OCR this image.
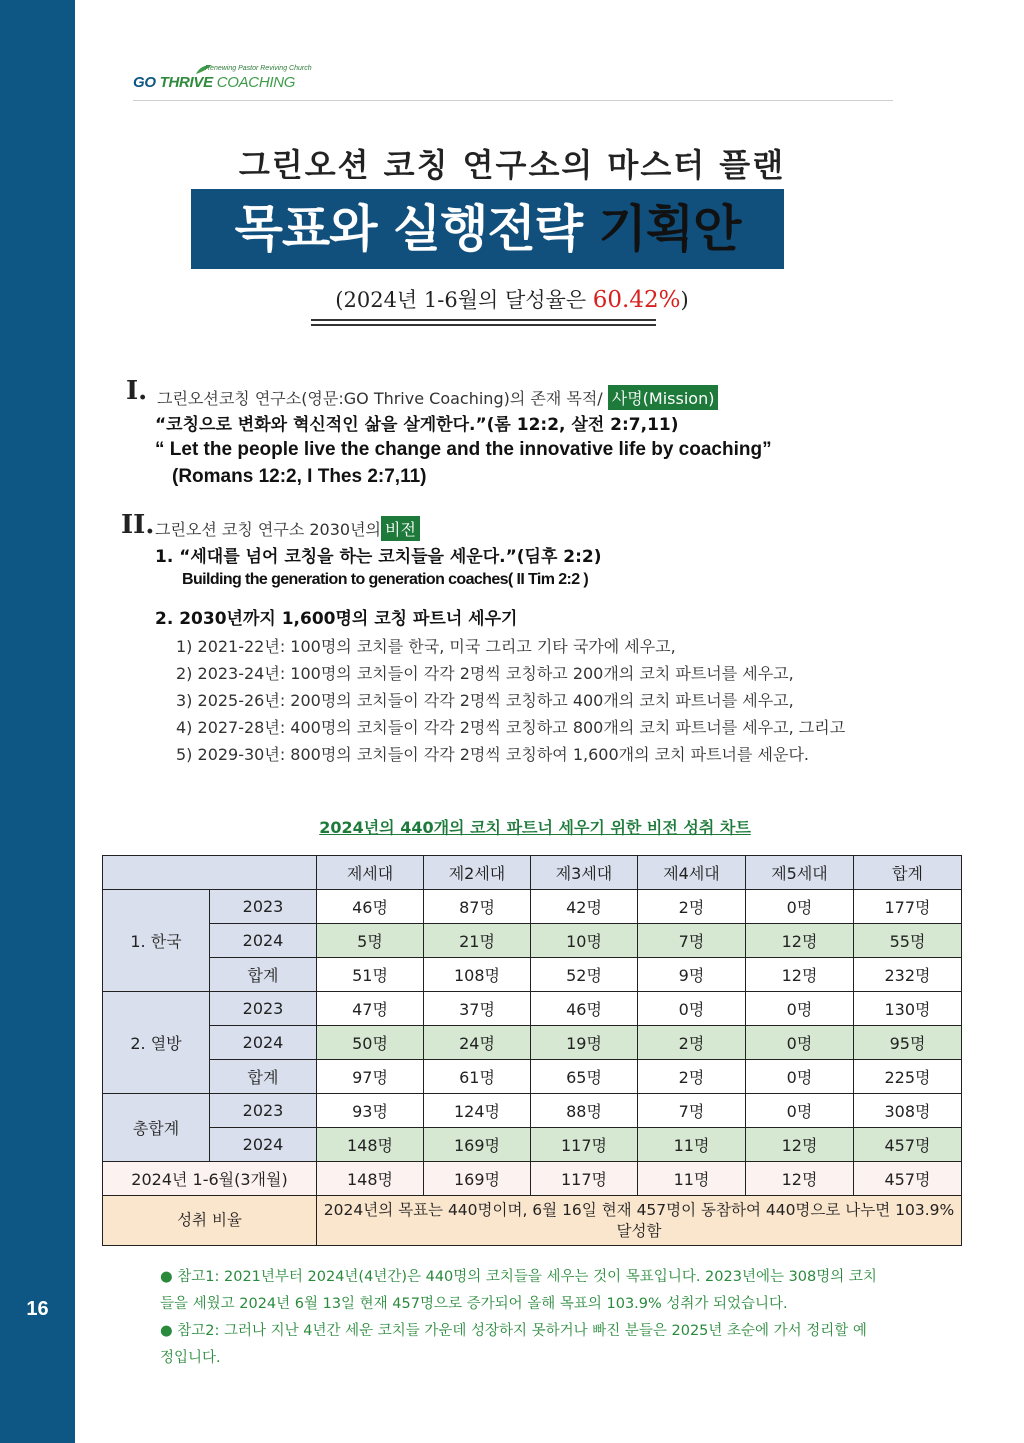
16
Renewing Pastor Reviving Church
GO THRIVE COACHING
그린오션 코칭 연구소의 마스터 플랜
목표와 실행전략 기획안
(2024년 1-6월의 달성율은 60.42%)
I. 그린오션코칭 연구소(영문:GO Thrive Coaching)의 존재 목적/ 사명(Mission)
“코칭으로 변화와 혁신적인 삶을 살게한다.”(롬 12:2, 살전 2:7,11)
“ Let the people live the change and the innovative life by coaching”
(Romans 12:2, I Thes 2:7,11)
II. 그린오션 코칭 연구소 2030년의 비전
1. “세대를 넘어 코칭을 하는 코치들을 세운다.”(딤후 2:2)
Building the generation to generation coaches( II Tim 2:2 )
2. 2030년까지 1,600명의 코칭 파트너 세우기
1) 2021-22년: 100명의 코치를 한국, 미국 그리고 기타 국가에 세우고,
2) 2023-24년: 100명의 코치들이 각각 2명씩 코칭하고 200개의 코치 파트너를 세우고,
3) 2025-26년: 200명의 코치들이 각각 2명씩 코칭하고 400개의 코치 파트너를 세우고,
4) 2027-28년: 400명의 코치들이 각각 2명씩 코칭하고 800개의 코치 파트너를 세우고, 그리고
5) 2029-30년: 800명의 코치들이 각각 2명씩 코칭하여 1,600개의 코치 파트너를 세운다.
2024년의 440개의 코치 파트너 세우기 위한 비전 성취 차트
		제세대	제2세대	제3세대	제4세대	제5세대	합계
1. 한국	2023	46명	87명	42명	2명	0명	177명
	2024	5명	21명	10명	7명	12명	55명
	합계	51명	108명	52명	9명	12명	232명
2. 열방	2023	47명	37명	46명	0명	0명	130명
	2024	50명	24명	19명	2명	0명	95명
	합계	97명	61명	65명	2명	0명	225명
총합계	2023	93명	124명	88명	7명	0명	308명
	2024	148명	169명	117명	11명	12명	457명
2024년 1-6월(3개월)		148명	169명	117명	11명	12명	457명
성취 비율		2024년의 목표는 440명이며, 6월 16일 현재 457명이 동참하여 440명으로 나누면 103.9% 달성함					
● 참고1: 2021년부터 2024년(4년간)은 440명의 코치들을 세우는 것이 목표입니다. 2023년에는 308명의 코치
들을 세웠고 2024년 6월 13일 현재 457명으로 증가되어 올해 목표의 103.9% 성취가 되었습니다.
● 참고2: 그러나 지난 4년간 세운 코치들 가운데 성장하지 못하거나 빠진 분들은 2025년 초순에 가서 정리할 예
정입니다.
